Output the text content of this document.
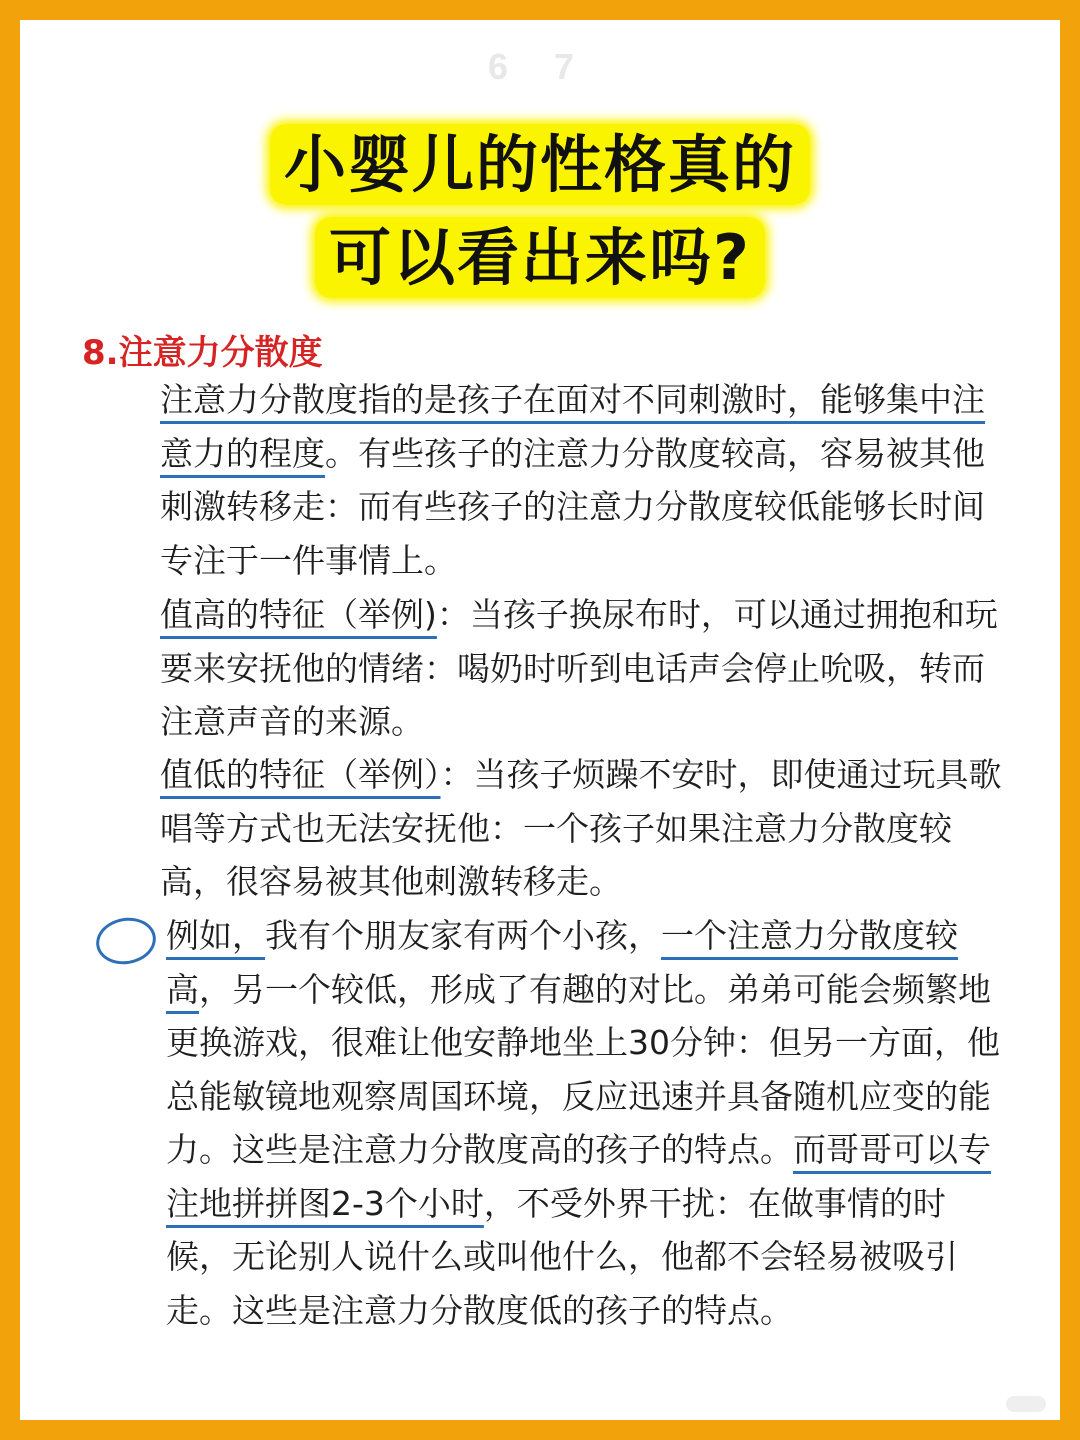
6 7
小婴儿的性格真的
可以看出来吗?
8.注意力分散度

注意力分散度指的是孩子在面对不同刺激时，能够集中注意力的程度。有些孩子的注意力分散度较高，容易被其他刺激转移走：而有些孩子的注意力分散度较低能够长时间专注于一件事情上。

值高的特征（举例)：当孩子换尿布时，可以通过拥抱和玩要来安抚他的情绪：喝奶时听到电话声会停止吮吸，转而注意声音的来源。

值低的特征（举例）：当孩子烦躁不安时，即使通过玩具歌唱等方式也无法安抚他：一个孩子如果注意力分散度较高，很容易被其他刺激转移走。

例如，我有个朋友家有两个小孩，一个注意力分散度较高，另一个较低，形成了有趣的对比。弟弟可能会频繁地更换游戏，很难让他安静地坐上30分钟：但另一方面，他总能敏镜地观察周国环境，反应迅速并具备随机应变的能力。这些是注意力分散度高的孩子的特点。而哥哥可以专注地拼拼图2-3个小时，不受外界干扰：在做事情的时候，无论别人说什么或叫他什么，他都不会轻易被吸引走。这些是注意力分散度低的孩子的特点。
